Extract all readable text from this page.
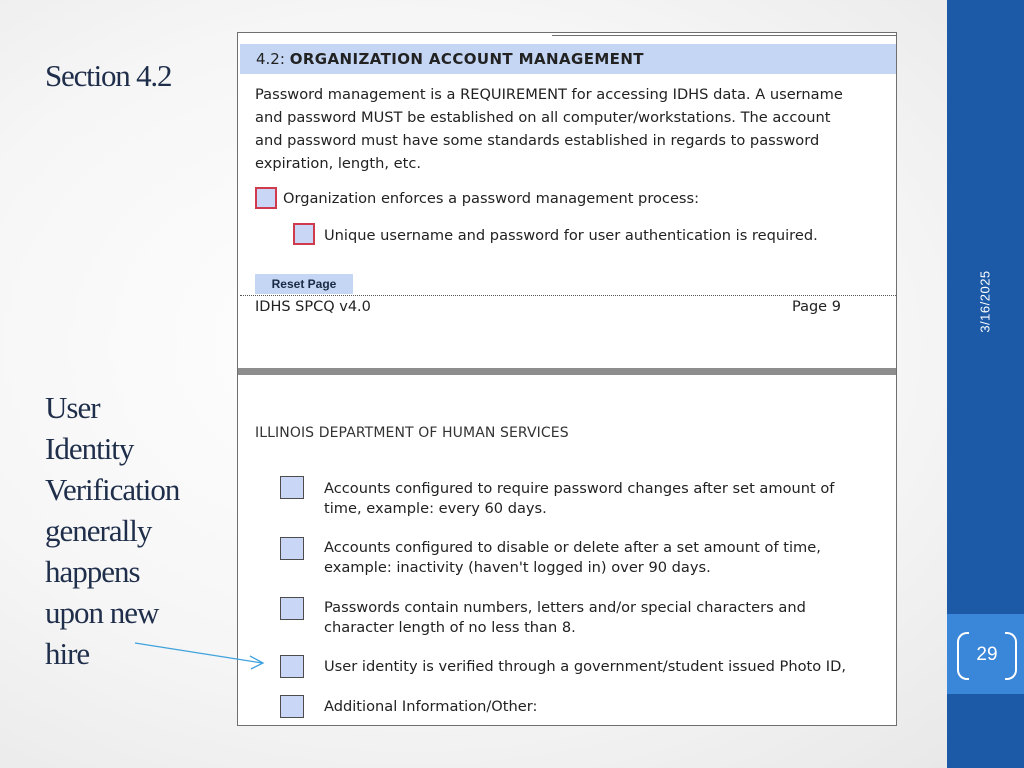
29
3/16/2025
Section 4.2
User
Identity
Verification
generally
happens
upon new
hire
4.2: ORGANIZATION ACCOUNT MANAGEMENT
Password management is a REQUIREMENT for accessing IDHS data. A username
and password MUST be established on all computer/workstations. The account
and password must have some standards established in regards to password
expiration, length, etc.
Organization enforces a password management process:
Unique username and password for user authentication is required.
Reset Page
IDHS SPCQ v4.0	Page 9
ILLINOIS DEPARTMENT OF HUMAN SERVICES
Accounts configured to require password changes after set amount of
time, example: every 60 days.
Accounts configured to disable or delete after a set amount of time,
example: inactivity (haven't logged in) over 90 days.
Passwords contain numbers, letters and/or special characters and
character length of no less than 8.
User identity is verified through a government/student issued Photo ID,
Additional Information/Other:
